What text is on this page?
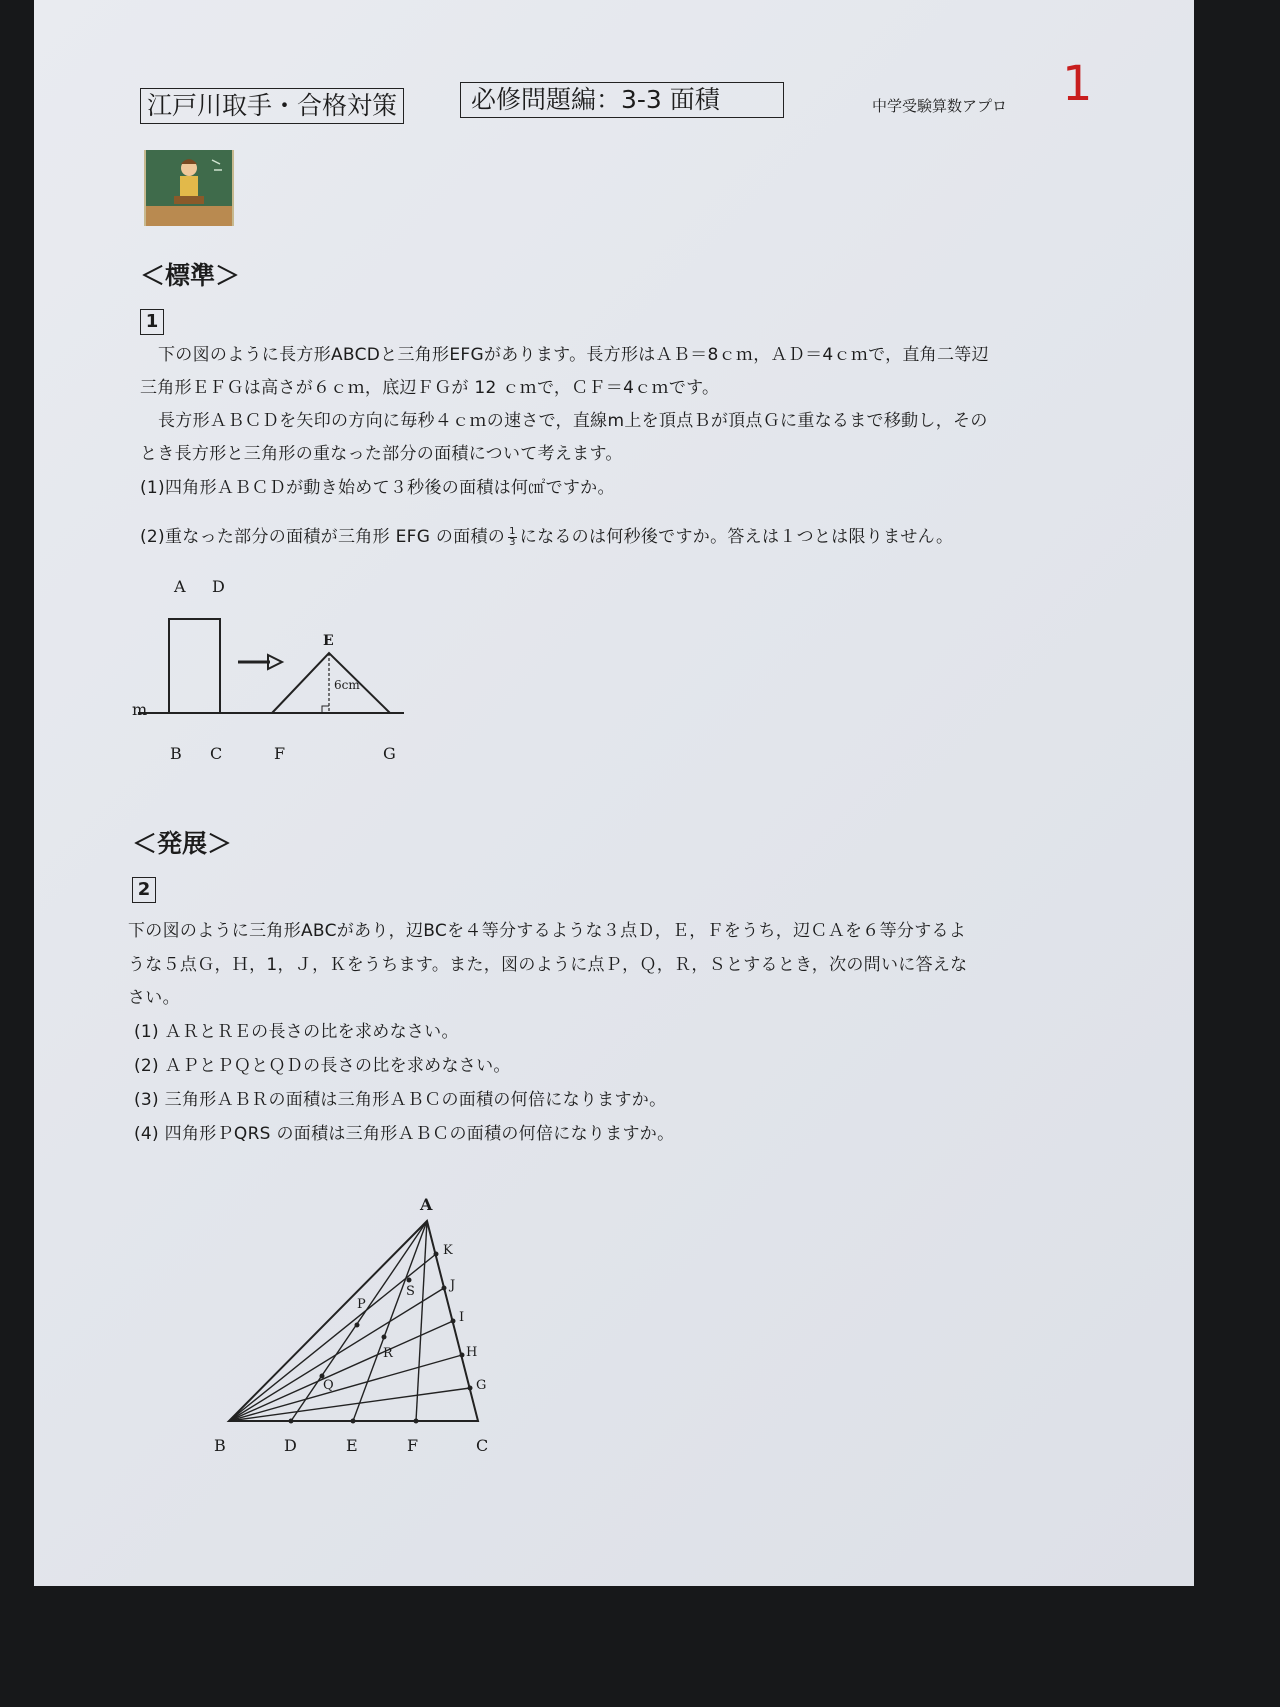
江戸川取手・合格対策	必修問題編：3-3 面積	中学受験算数アプロ 1
＜標準＞
1
下の図のように長方形ABCDと三角形EFGがあります。長方形はＡＢ＝8ｃｍ，ＡＤ＝4ｃｍで，直角二等辺
三角形ＥＦＧは高さが６ｃｍ，底辺ＦＧが 12 ｃｍで，ＣＦ＝4ｃｍです。
長方形ＡＢＣＤを矢印の方向に毎秒４ｃｍの速さで，直線m上を頂点Ｂが頂点Ｇに重なるまで移動し，その
とき長方形と三角形の重なった部分の面積について考えます。
(1)四角形ＡＢＣＤが動き始めて３秒後の面積は何㎠ですか。
(2)重なった部分の面積が三角形 EFG の面積の $\frac{1}{3}$ になるのは何秒後ですか。答えは１つとは限りません。
A D
B C	F	G
E
m
6cm
＜発展＞
2
下の図のように三角形ABCがあり，辺BCを４等分するような３点Ｄ，Ｅ，Ｆをうち，辺ＣＡを６等分するよ
うな５点Ｇ，Ｈ，1，Ｊ，Ｋをうちます。また，図のように点Ｐ，Ｑ，Ｒ，Ｓとするとき，次の問いに答えな
さい。
(1) ＡＲとＲＥの長さの比を求めなさい。
(2) ＡＰとＰＱとＱＤの長さの比を求めなさい。
(3) 三角形ＡＢＲの面積は三角形ＡＢＣの面積の何倍になりますか。
(4) 四角形ＰQRS の面積は三角形ＡＢＣの面積の何倍になりますか。
A
B	C
D	E	F
G
H
I
J
K
P
Q
R
S
